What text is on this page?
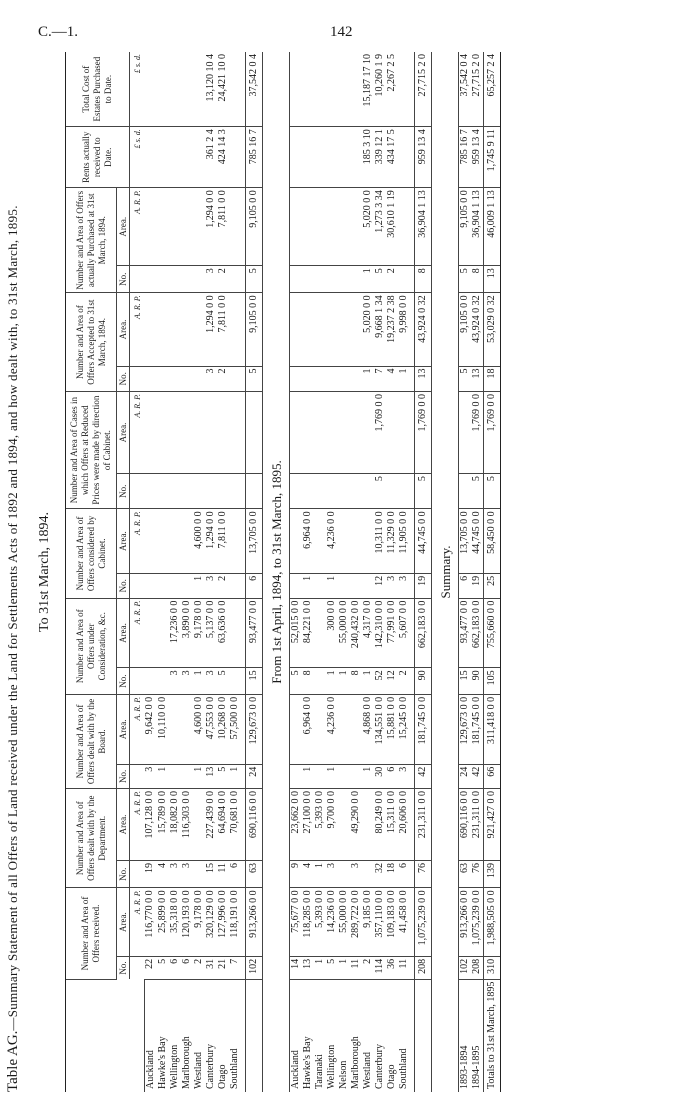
C.—1.	142
Table AG.—Summary Statement of all Offers of Land received under the Land for Settlements Acts of 1892 and 1894, and how dealt with, to 31st March, 1895. To 31st March, 1894.
	Number and Area of Offers received.		Number and Area of Offers dealt with by the Department.		Number and Area of Offers dealt with by the Board.		Number and Area of Offers under Consideration, &c.		Number and Area of Offers considered by Cabinet.		Number and Area of Cases in which Offers at Reduced Prices were made by direction of Cabinet.		Number and Area of Offers Accepted to 31st March, 1894.		Number and Area of Offers actually Purchased at 31st March, 1894.		Rents actually received to Date.	Total Cost of Estates Purchased to Date.
	No.	Area.	No.	Area.	No.	Area.	No.	Area.	No.	Area.	No.	Area.	No.	Area.	No.	Area.		
		A. R. P.		A. R. P.		A. R. P.		A. R. P.		A. R. P.		A. R. P.		A. R. P.		A. R. P.	£ s. d.	£ s. d.
Auckland	22	116,770 0 0	19	107,128 0 0	3	9,642 0 0												
Hawke's Bay	5	25,899 0 0	4	15,789 0 0	1	10,110 0 0												
Wellington	6	35,318 0 0	3	18,082 0 0			3	17,236 0 0										
Marlborough	6	120,193 0 0	3	116,303 0 0			3	3,890 0 0										
Westland	2	9,178 0 0			1	4,600 0 0	1	9,178 0 0	1	4,600 0 0								
Canterbury	31	320,129 0 0	15	227,439 0 0	13	47,553 0 0	3	5,137 0 0	3	1,294 0 0			3	1,294 0 0	3	1,294 0 0	361 2 4	13,120 10 4
Otago	21	127,996 0 0	11	64,694 0 0	5	10,268 0 0	5	63,636 0 0	2	7,811 0 0			2	7,811 0 0	2	7,811 0 0	424 14 3	24,421 10 0
Southland	7	118,191 0 0	6	70,681 0 0	1	57,500 0 0												
	102	913,266 0 0	63	690,116 0 0	24	129,673 0 0	15	93,477 0 0	6	13,705 0 0			5	9,105 0 0	5	9,105 0 0	785 16 7	37,542 0 4
From 1st April, 1894, to 31st March, 1895.																		
Auckland	14	75,677 0 0	9	23,662 0 0			5	52,015 0 0										
Hawke's Bay	13	118,285 0 0	4	27,100 0 0	1	6,964 0 0	8	84,221 0 0	1	6,964 0 0								
Taranaki	1	5,393 0 0	1	5,393 0 0														
Wellington	5	14,236 0 0	3	9,700 0 0	1	4,236 0 0	1	300 0 0	1	4,236 0 0								
Nelson	1	55,000 0 0					1	55,000 0 0										
Marlborough	11	289,722 0 0	3	49,290 0 0			8	240,432 0 0										
Westland	2	9,185 0 0			1	4,868 0 0	1	4,317 0 0					1	5,020 0 0	1	5,020 0 0	185 3 10	15,187 17 10
Canterbury	114	357,110 0 0	32	80,249 0 0	30	134,551 0 0	52	142,310 0 0	12	10,311 0 0	5	1,769 0 0	7	9,668 1 34	5	1,273 3 34	339 12 1	10,260 1 9
Otago	36	109,183 0 0	18	15,311 0 0	6	15,881 0 0	12	77,991 0 0	3	11,329 0 0			4	19,237 2 38	2	30,610 1 19	434 17 5	2,267 2 5
Southland	11	41,458 0 0	6	20,606 0 0	3	15,245 0 0	2	5,607 0 0	3	11,905 0 0			1	9,998 0 0				
	208	1,075,239 0 0	76	231,311 0 0	42	181,745 0 0	90	662,183 0 0	19	44,745 0 0	5	1,769 0 0	13	43,924 0 32	8	36,904 1 13	959 13 4	27,715 2 0
Summary.																		
1893-1894	102	913,266 0 0	63	690,116 0 0	24	129,673 0 0	15	93,477 0 0	6	13,705 0 0			5	9,105 0 0	5	9,105 0 0	785 16 7	37,542 0 4
1894-1895	208	1,075,239 0 0	76	231,311 0 0	42	181,745 0 0	90	662,183 0 0	19	44,745 0 0	5	1,769 0 0	13	43,924 0 32	8	36,904 1 13	959 13 4	27,715 2 0
Totals to 31st March, 1895	310	1,988,505 0 0	139	921,427 0 0	66	311,418 0 0	105	755,660 0 0	25	58,450 0 0	5	1,769 0 0	18	53,029 0 32	13	46,009 1 13	1,745 9 11	65,257 2 4
